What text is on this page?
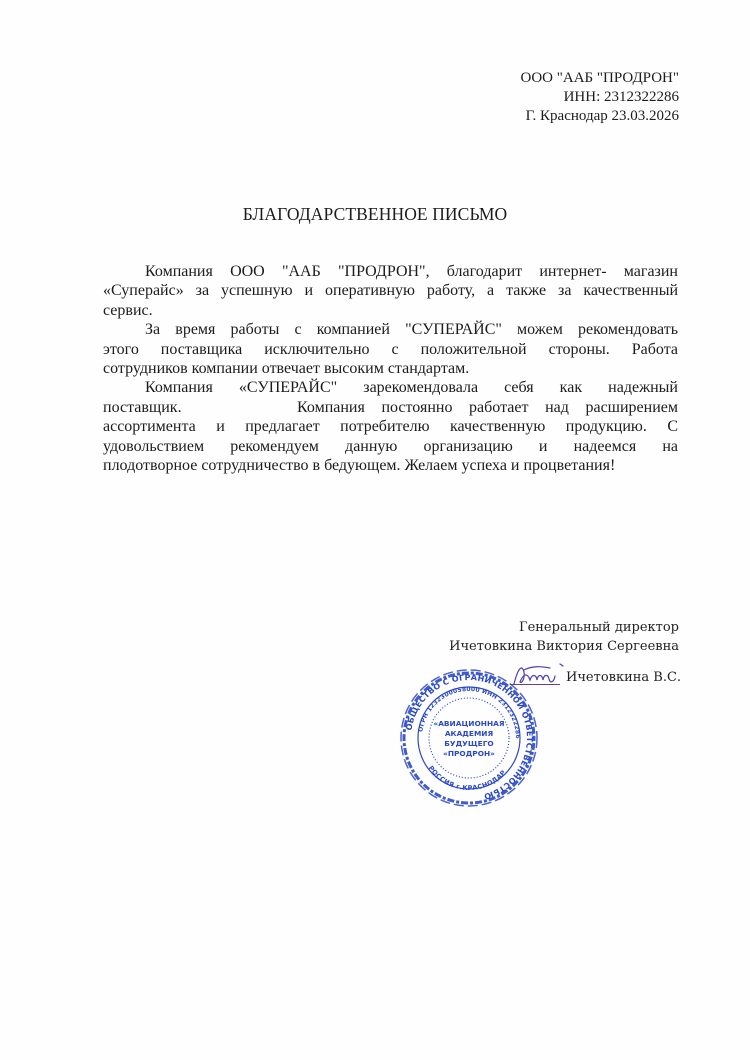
ООО "ААБ "ПРОДРОН"
ИНН: 2312322286
Г. Краснодар 23.03.2026
БЛАГОДАРСТВЕННОЕ ПИСЬМО
Компания ООО "ААБ "ПРОДРОН", благодарит интернет- магазин
«Суперайс» за успешную и оперативную работу, а также за качественный
сервис.
За время работы с компанией "СУПЕРАЙС" можем рекомендовать
этого поставщика исключительно с положительной стороны. Работа
сотрудников компании отвечает высоким стандартам.
Компания «СУПЕРАЙС" зарекомендовала себя как надежный
поставщик.	Компания постоянно работает над расширением
ассортимента и предлагает потребителю качественную продукцию. С
удовольствием рекомендуем данную организацию и надеемся на
плодотворное сотрудничество в бедующем. Желаем успеха и процветания!
Генеральный директор
Ичетовкина Виктория Сергеевна
ОБЩЕСТВО С ОГРАНИЧЕННОЙ ОТВЕТСТВЕННОСТЬЮ
ОГРН 1232300058000 ИНН 2312322286
РОССИЯ г.КРАСНОДАР
«АВИАЦИОННАЯ
АКАДЕМИЯ
БУДУЩЕГО
«ПРОДРОН»
Ичетовкина В.С.
